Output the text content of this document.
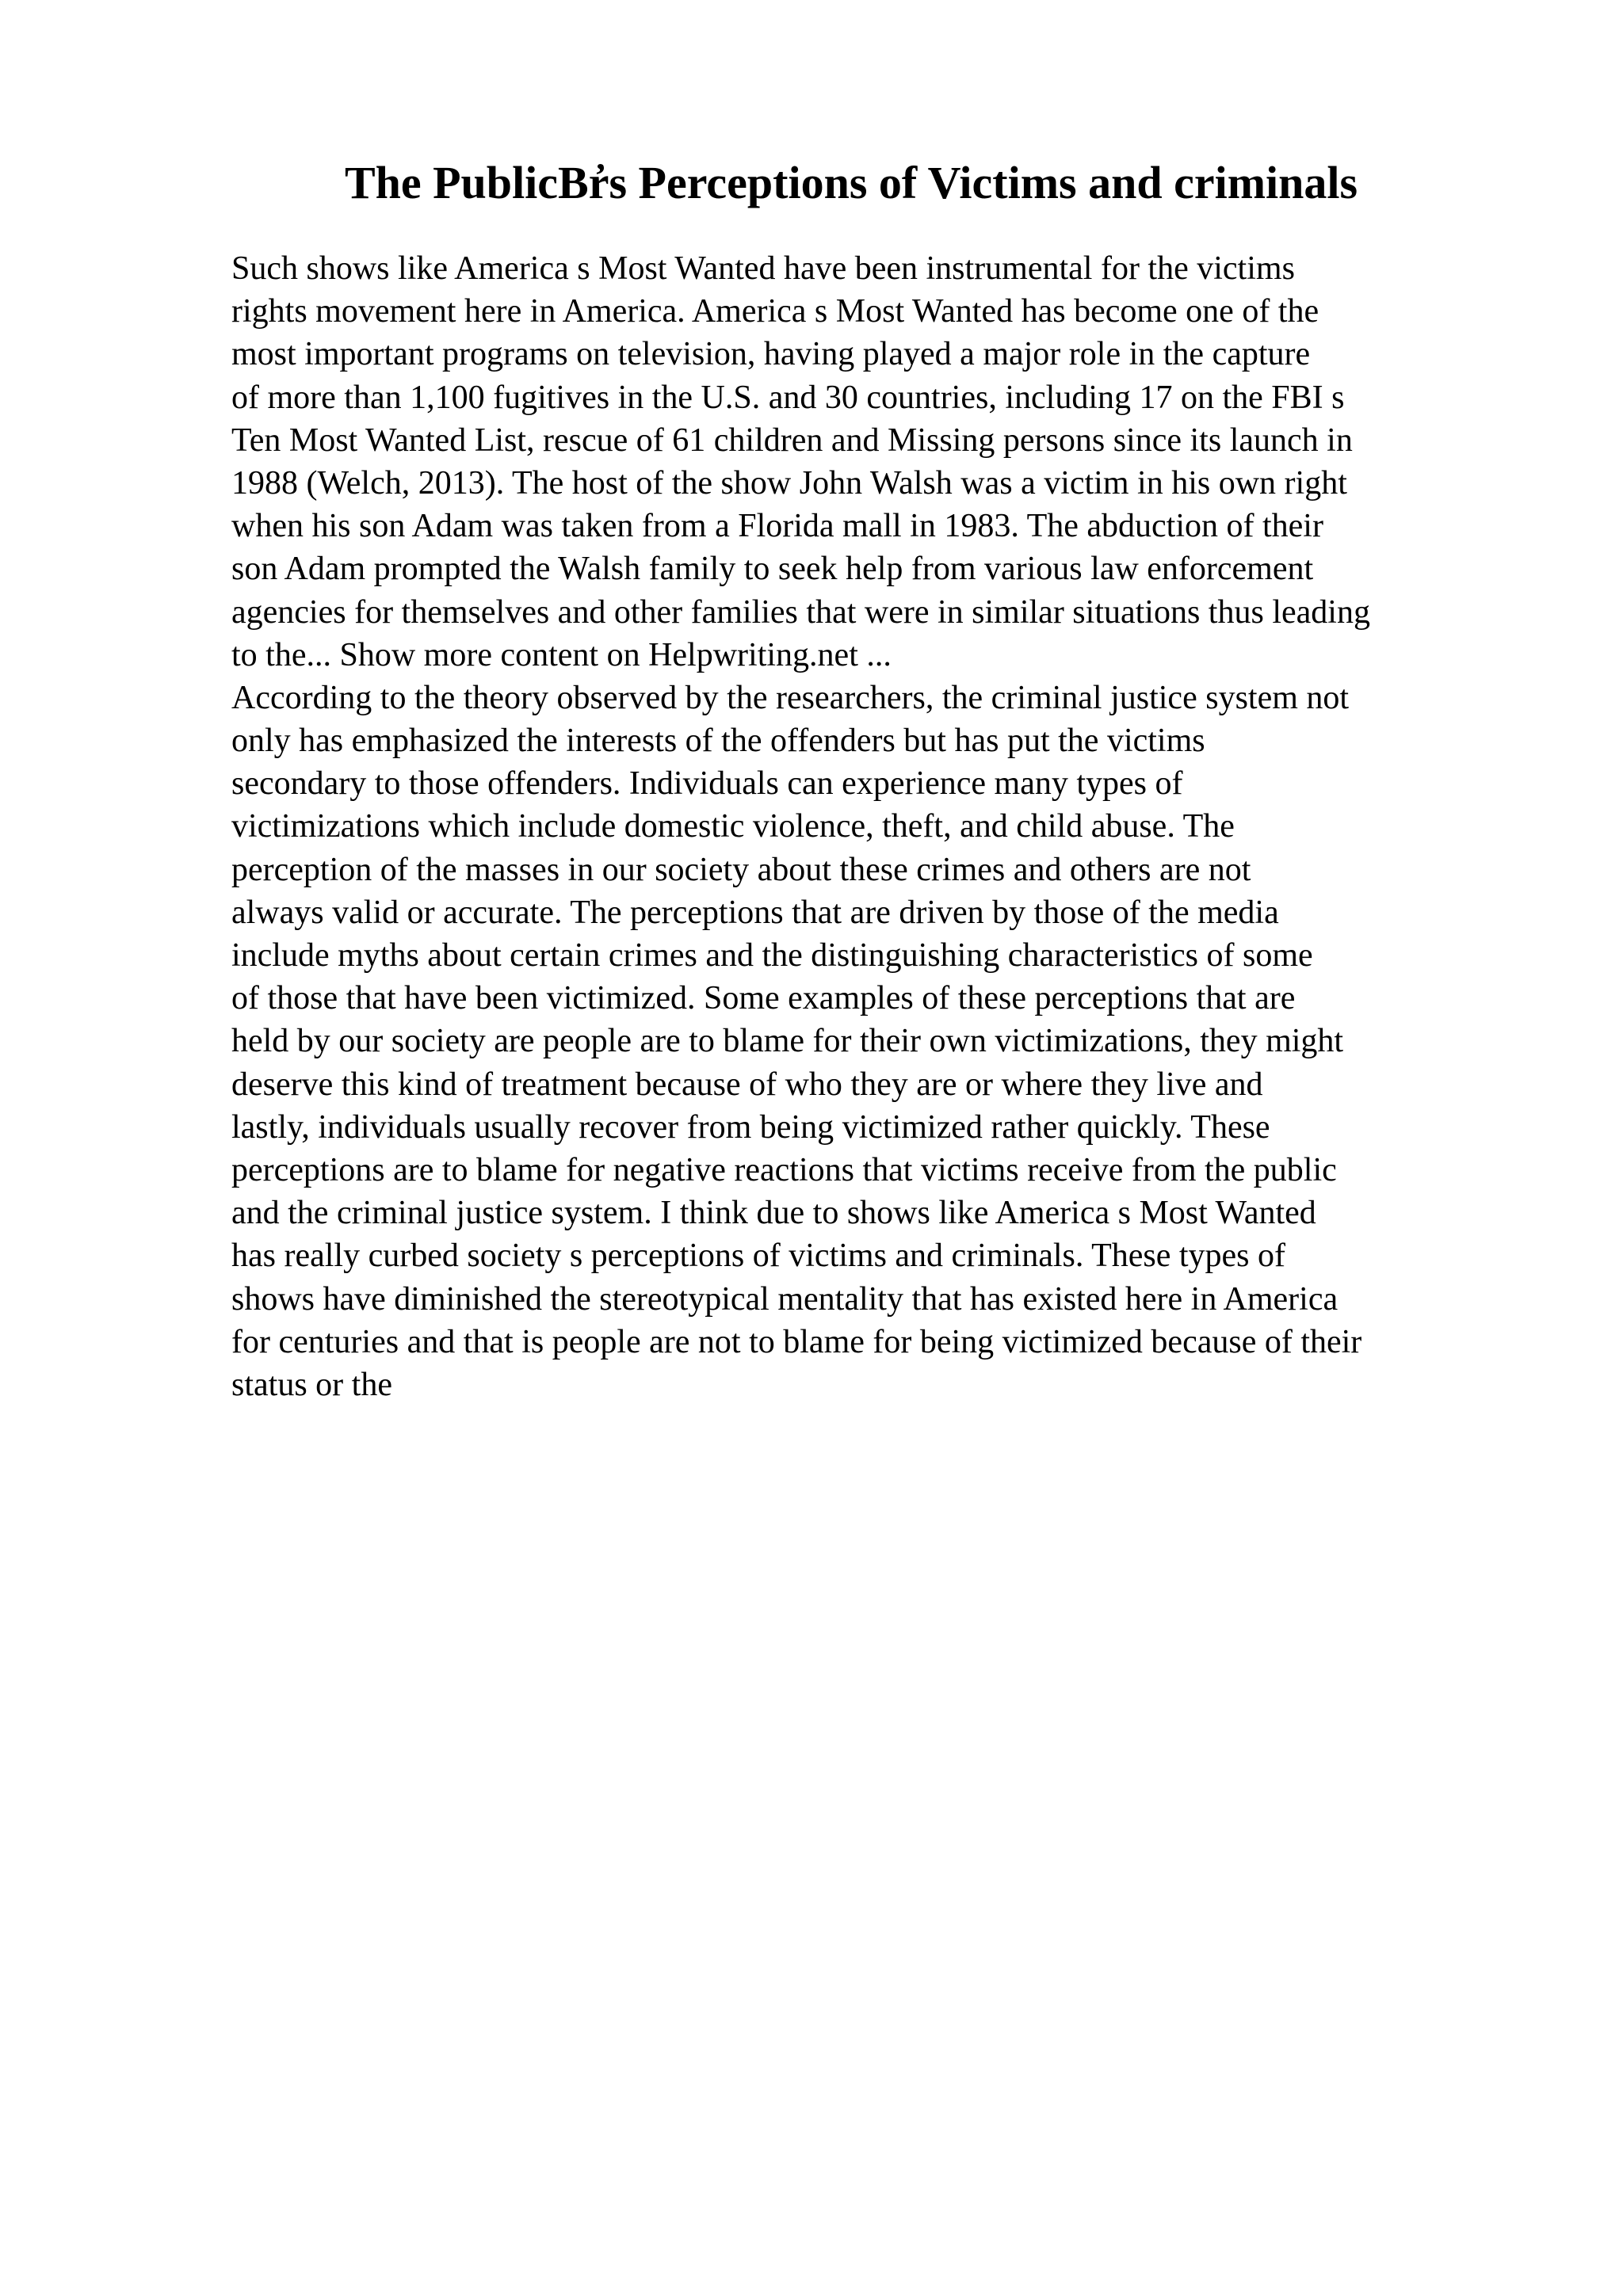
The PublicBr̓s Perceptions of Victims and criminals
Such shows like America s Most Wanted have been instrumental for the victims
rights movement here in America. America s Most Wanted has become one of the
most important programs on television, having played a major role in the capture
of more than 1,100 fugitives in the U.S. and 30 countries, including 17 on the FBI s
Ten Most Wanted List, rescue of 61 children and Missing persons since its launch in
1988 (Welch, 2013). The host of the show John Walsh was a victim in his own right
when his son Adam was taken from a Florida mall in 1983. The abduction of their
son Adam prompted the Walsh family to seek help from various law enforcement
agencies for themselves and other families that were in similar situations thus leading
to the... Show more content on Helpwriting.net ...
According to the theory observed by the researchers, the criminal justice system not
only has emphasized the interests of the offenders but has put the victims
secondary to those offenders. Individuals can experience many types of
victimizations which include domestic violence, theft, and child abuse. The
perception of the masses in our society about these crimes and others are not
always valid or accurate. The perceptions that are driven by those of the media
include myths about certain crimes and the distinguishing characteristics of some
of those that have been victimized. Some examples of these perceptions that are
held by our society are people are to blame for their own victimizations, they might
deserve this kind of treatment because of who they are or where they live and
lastly, individuals usually recover from being victimized rather quickly. These
perceptions are to blame for negative reactions that victims receive from the public
and the criminal justice system. I think due to shows like America s Most Wanted
has really curbed society s perceptions of victims and criminals. These types of
shows have diminished the stereotypical mentality that has existed here in America
for centuries and that is people are not to blame for being victimized because of their
status or the
